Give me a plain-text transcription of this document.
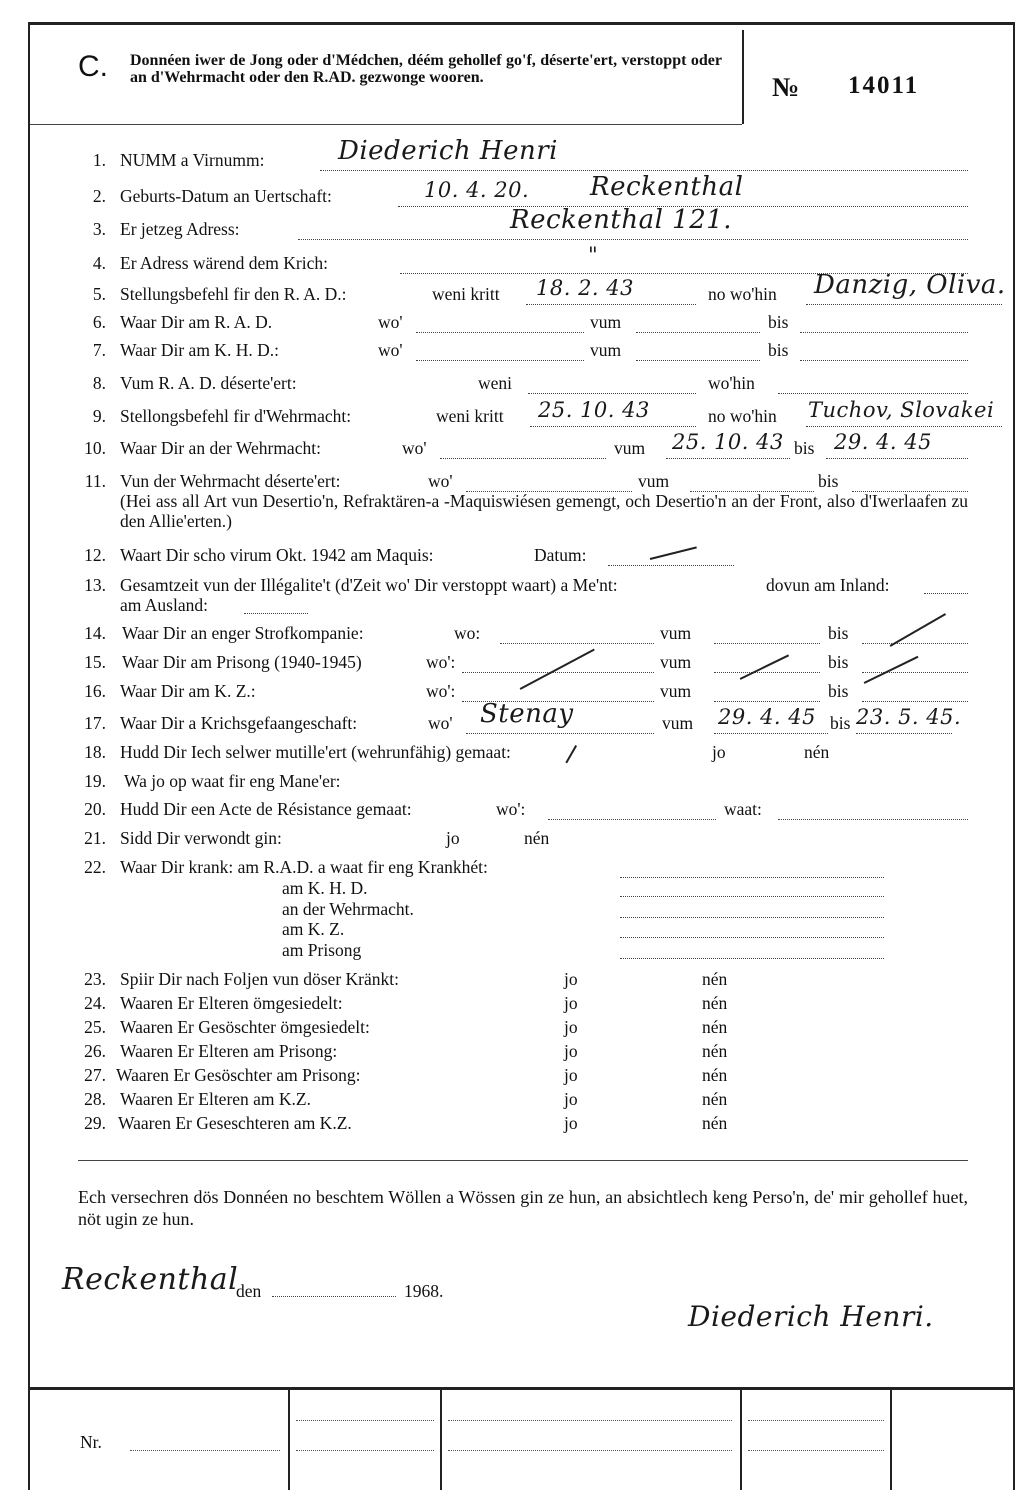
C. Donnéen iwer de Jong oder d'Médchen, déém gehollef go'f, déserte'ert, verstoppt oder an d'Wehrmacht oder den R.AD. gezwonge wooren.	№ 14011
1. NUMM a Virnumm:	Diederich Henri
2. Geburts-Datum an Uertschaft:	10. 4. 20. Reckenthal
3. Er jetzeg Adress:	Reckenthal 121.
4. Er Adress wärend dem Krich:	"
5. Stellungsbefehl fir den R. A. D.:	weni kritt 18. 2. 43	no wo'hin Danzig, Oliva.
6. Waar Dir am R. A. D.	wo'	vum	bis
7. Waar Dir am K. H. D.:	wo'	vum	bis
8. Vum R. A. D. déserte'ert:	weni	wo'hin
9. Stellongsbefehl fir d'Wehrmacht:	weni kritt 25. 10. 43	no wo'hin Tuchov, Slovakei
10. Waar Dir an der Wehrmacht:	wo'	vum 25. 10. 43 bis 29. 4. 45
11. Vun der Wehrmacht déserte'ert:	wo'	vum	bis
(Hei ass all Art vun Desertio'n, Refraktären-a -Maquiswiésen gemengt, och Desertio'n an der Front, also d'Iwerlaafen zu den Allie'erten.)
12. Waart Dir scho virum Okt. 1942 am Maquis:	Datum:
13. Gesamtzeit vun der Illégalite't (d'Zeit wo' Dir verstoppt waart) a Me'nt:	dovun am Inland:
am Ausland:
14. Waar Dir an enger Strofkompanie:	wo:	vum	bis
15. Waar Dir am Prisong (1940-1945)	wo':	vum	bis
16. Waar Dir am K. Z.:	wo':	vum	bis
17. Waar Dir a Krichsgefaangeschaft:	wo' Stenay	vum 29. 4. 45 bis 23. 5. 45.
18. Hudd Dir Iech selwer mutille'ert (wehrunfähig) gemaat:	jo	nén
19. Wa jo op waat fir eng Mane'er:
20. Hudd Dir een Acte de Résistance gemaat:	wo':	waat:
21. Sidd Dir verwondt gin:	jo	nén
22. Waar Dir krank: am R.A.D. a waat fir eng Krankhét:
am K. H. D.
an der Wehrmacht.
am K. Z.
am Prisong
23. Spiir Dir nach Foljen vun döser Kränkt:	jo	nén
24. Waaren Er Elteren ömgesiedelt:	jo	nén
25. Waaren Er Gesöschter ömgesiedelt:	jo	nén
26. Waaren Er Elteren am Prisong:	jo	nén
27. Waaren Er Gesöschter am Prisong:	jo	nén
28. Waaren Er Elteren am K.Z.	jo	nén
29. Waaren Er Geseschteren am K.Z.	jo	nén
Ech versechren dös Donnéen no beschtem Wöllen a Wössen gin ze hun, an absichtlech keng Perso'n, de' mir gehollef huet, nöt ugin ze hun.
Reckenthal
den	1968.
Diederich Henri.
Nr.
